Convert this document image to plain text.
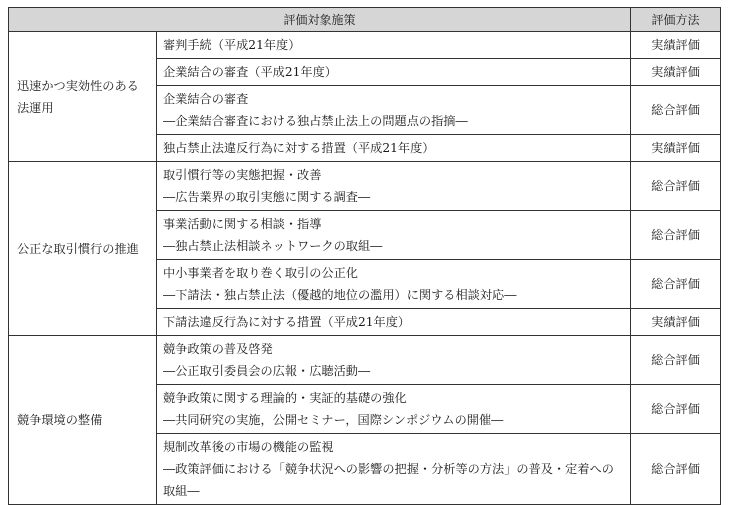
評価対象施策		評価方法
迅速かつ実効性のある法運用	審判手続（平成21年度）	実績評価

	企業結合の審査（平成21年度）	実績評価

	企業結合の審査
―企業結合審査における独占禁止法上の問題点の指摘―	総合評価

	独占禁止法違反行為に対する措置（平成21年度）	実績評価
公正な取引慣行の推進	取引慣行等の実態把握・改善
―広告業界の取引実態に関する調査―	総合評価

	事業活動に関する相談・指導
―独占禁止法相談ネットワークの取組―	総合評価

	中小事業者を取り巻く取引の公正化
―下請法・独占禁止法（優越的地位の濫用）に関する相談対応―	総合評価

	下請法違反行為に対する措置（平成21年度）	実績評価
競争環境の整備	競争政策の普及啓発
―公正取引委員会の広報・広聴活動―	総合評価

	競争政策に関する理論的・実証的基礎の強化
―共同研究の実施，公開セミナー，国際シンポジウムの開催―	総合評価

	規制改革後の市場の機能の監視
―政策評価における「競争状況への影響の把握・分析等の方法」の普及・定着への取組―	総合評価
